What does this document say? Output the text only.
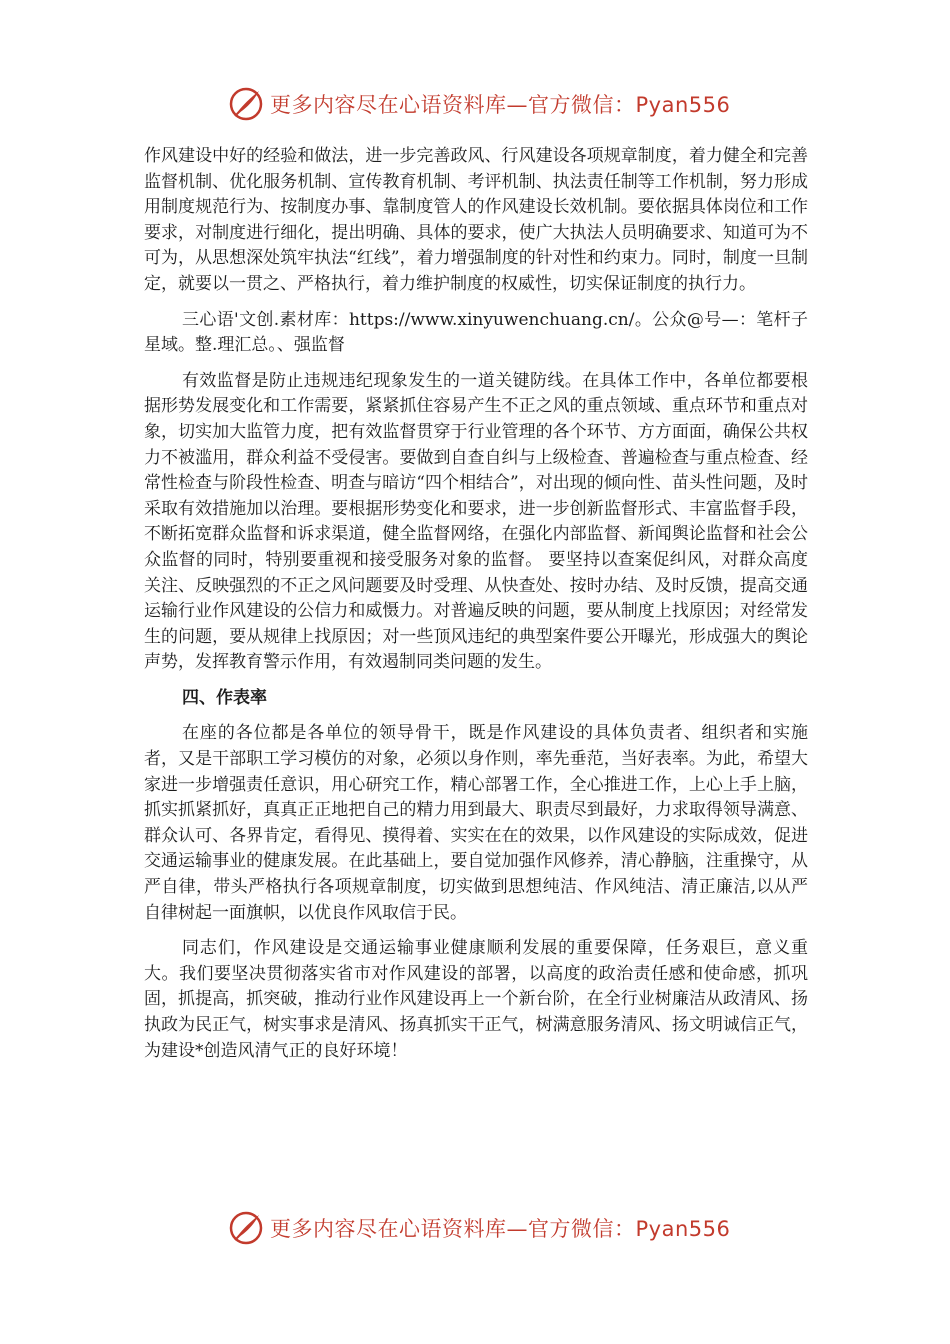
更多内容尽在心语资料库—官方微信：Pyan556

作风建设中好的经验和做法，进一步完善政风、行风建设各项规章制度，着力健全和完善监督机制、优化服务机制、宣传教育机制、考评机制、执法责任制等工作机制，努力形成用制度规范行为、按制度办事、靠制度管人的作风建设长效机制。要依据具体岗位和工作要求，对制度进行细化，提出明确、具体的要求，使广大执法人员明确要求、知道可为不可为，从思想深处筑牢执法“红线”，着力增强制度的针对性和约束力。同时，制度一旦制定，就要以一贯之、严格执行，着力维护制度的权威性，切实保证制度的执行力。

三心语'文创.素材库：https://www.xinyuwenchuang.cn/。公众@号—：笔杆子星域。整.理汇总。、强监督

有效监督是防止违规违纪现象发生的一道关键防线。在具体工作中，各单位都要根据形势发展变化和工作需要，紧紧抓住容易产生不正之风的重点领域、重点环节和重点对象，切实加大监管力度，把有效监督贯穿于行业管理的各个环节、方方面面，确保公共权力不被滥用，群众利益不受侵害。要做到自查自纠与上级检查、普遍检查与重点检查、经常性检查与阶段性检查、明查与暗访“四个相结合”，对出现的倾向性、苗头性问题，及时采取有效措施加以治理。要根据形势变化和要求，进一步创新监督形式、丰富监督手段，不断拓宽群众监督和诉求渠道，健全监督网络，在强化内部监督、新闻舆论监督和社会公众监督的同时，特别要重视和接受服务对象的监督。 要坚持以查案促纠风，对群众高度关注、反映强烈的不正之风问题要及时受理、从快查处、按时办结、及时反馈，提高交通运输行业作风建设的公信力和威慑力。对普遍反映的问题，要从制度上找原因；对经常发生的问题，要从规律上找原因；对一些顶风违纪的典型案件要公开曝光，形成强大的舆论声势，发挥教育警示作用，有效遏制同类问题的发生。

四、作表率

在座的各位都是各单位的领导骨干，既是作风建设的具体负责者、组织者和实施者，又是干部职工学习模仿的对象，必须以身作则，率先垂范，当好表率。为此，希望大家进一步增强责任意识，用心研究工作，精心部署工作，全心推进工作，上心上手上脑，抓实抓紧抓好，真真正正地把自己的精力用到最大、职责尽到最好，力求取得领导满意、群众认可、各界肯定，看得见、摸得着、实实在在的效果，以作风建设的实际成效，促进交通运输事业的健康发展。在此基础上，要自觉加强作风修养，清心静脑，注重操守，从严自律，带头严格执行各项规章制度，切实做到思想纯洁、作风纯洁、清正廉洁,以从严自律树起一面旗帜，以优良作风取信于民。

同志们，作风建设是交通运输事业健康顺利发展的重要保障，任务艰巨，意义重大。我们要坚决贯彻落实省市对作风建设的部署，以高度的政治责任感和使命感，抓巩固，抓提高，抓突破，推动行业作风建设再上一个新台阶，在全行业树廉洁从政清风、扬执政为民正气，树实事求是清风、扬真抓实干正气，树满意服务清风、扬文明诚信正气，为建设*创造风清气正的良好环境！

更多内容尽在心语资料库—官方微信：Pyan556
